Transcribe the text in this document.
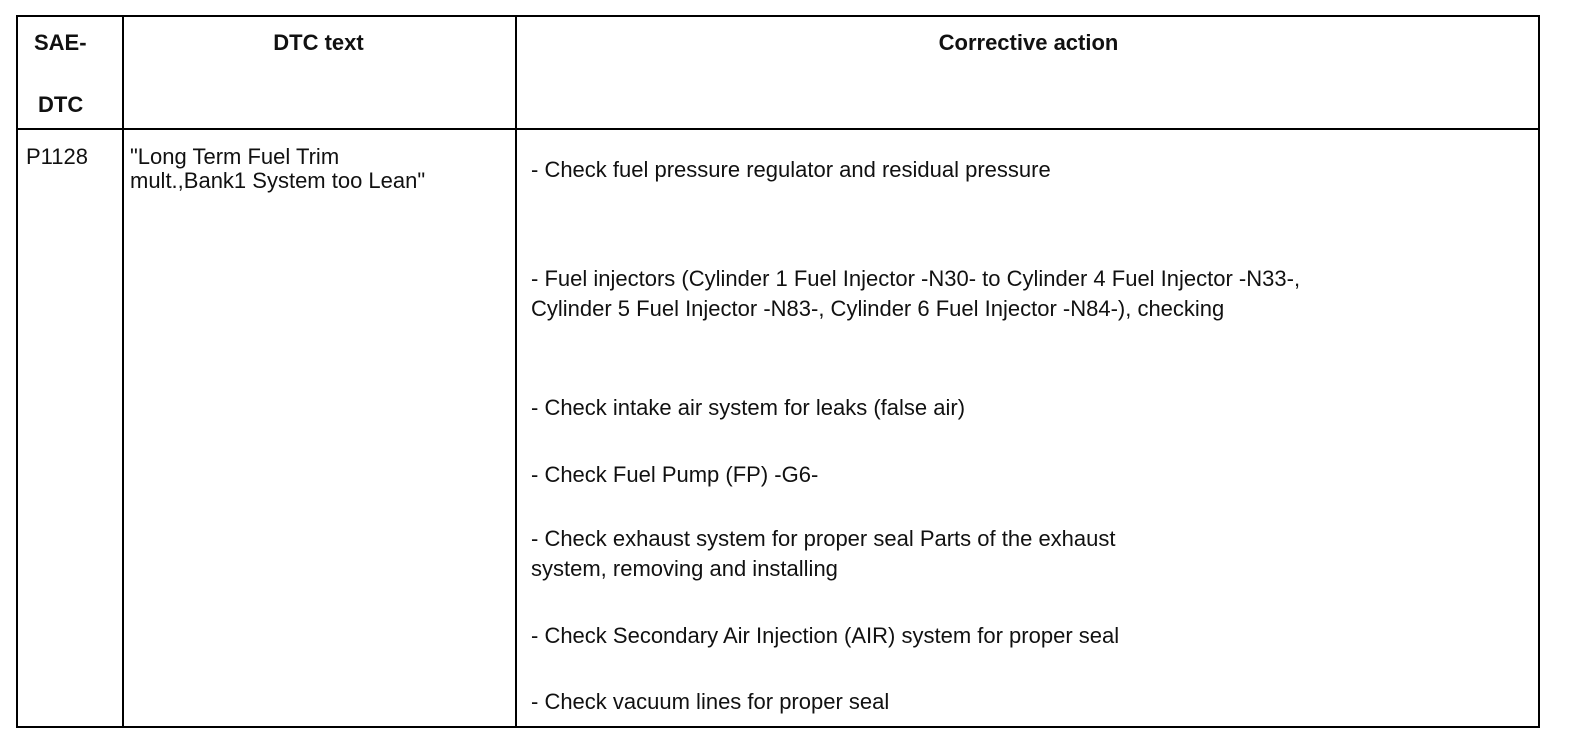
SAE-
DTC
DTC text	Corrective action
P1128 "Long Term Fuel Trim mult.,Bank1 System too Lean"	- Check fuel pressure regulator and residual pressure
- Fuel injectors (Cylinder 1 Fuel Injector -N30- to Cylinder 4 Fuel Injector -N33-,
Cylinder 5 Fuel Injector -N83-, Cylinder 6 Fuel Injector -N84-), checking
- Check intake air system for leaks (false air)
- Check Fuel Pump (FP) -G6-
- Check exhaust system for proper seal Parts of the exhaust
system, removing and installing
- Check Secondary Air Injection (AIR) system for proper seal
- Check vacuum lines for proper seal
